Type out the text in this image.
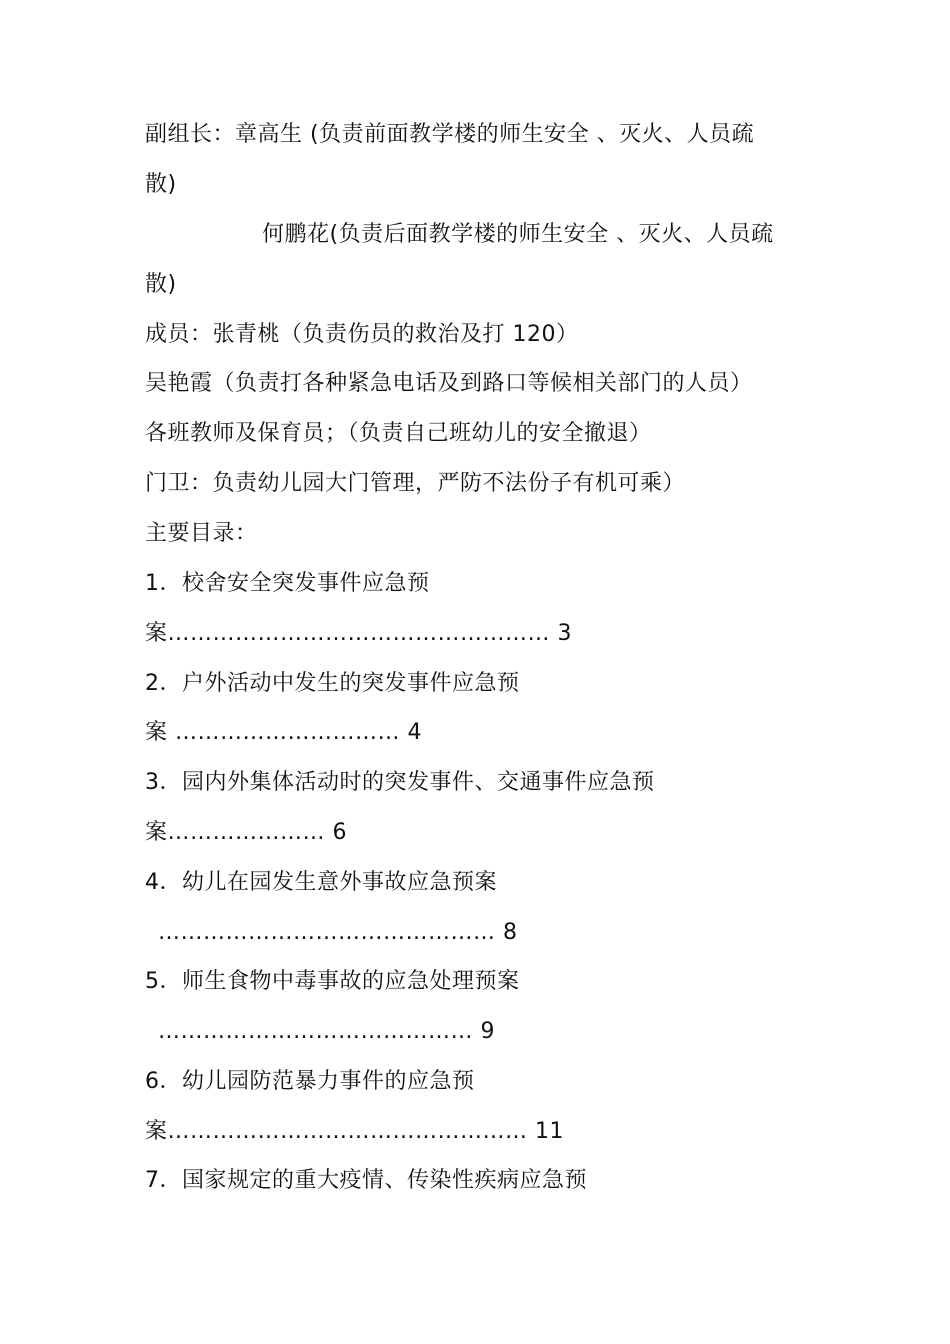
副组长：章高生 (负责前面教学楼的师生安全 、灭火、人员疏
散)
何鹏花(负责后面教学楼的师生安全 、灭火、人员疏
散)
成员：张青桃（负责伤员的救治及打 120）
吴艳霞（负责打各种紧急电话及到路口等候相关部门的人员）
各班教师及保育员；（负责自己班幼儿的安全撤退）
门卫：负责幼儿园大门管理，严防不法份子有机可乘）
主要目录：
1．校舍安全突发事件应急预
案…………………………………………… 3
2．户外活动中发生的突发事件应急预
案 ………………………… 4
3．园内外集体活动时的突发事件、交通事件应急预
案………………… 6
4．幼儿在园发生意外事故应急预案
……………………………………… 8
5．师生食物中毒事故的应急处理预案
…………………………………… 9
6．幼儿园防范暴力事件的应急预
案………………………………………… 11
7．国家规定的重大疫情、传染性疾病应急预
